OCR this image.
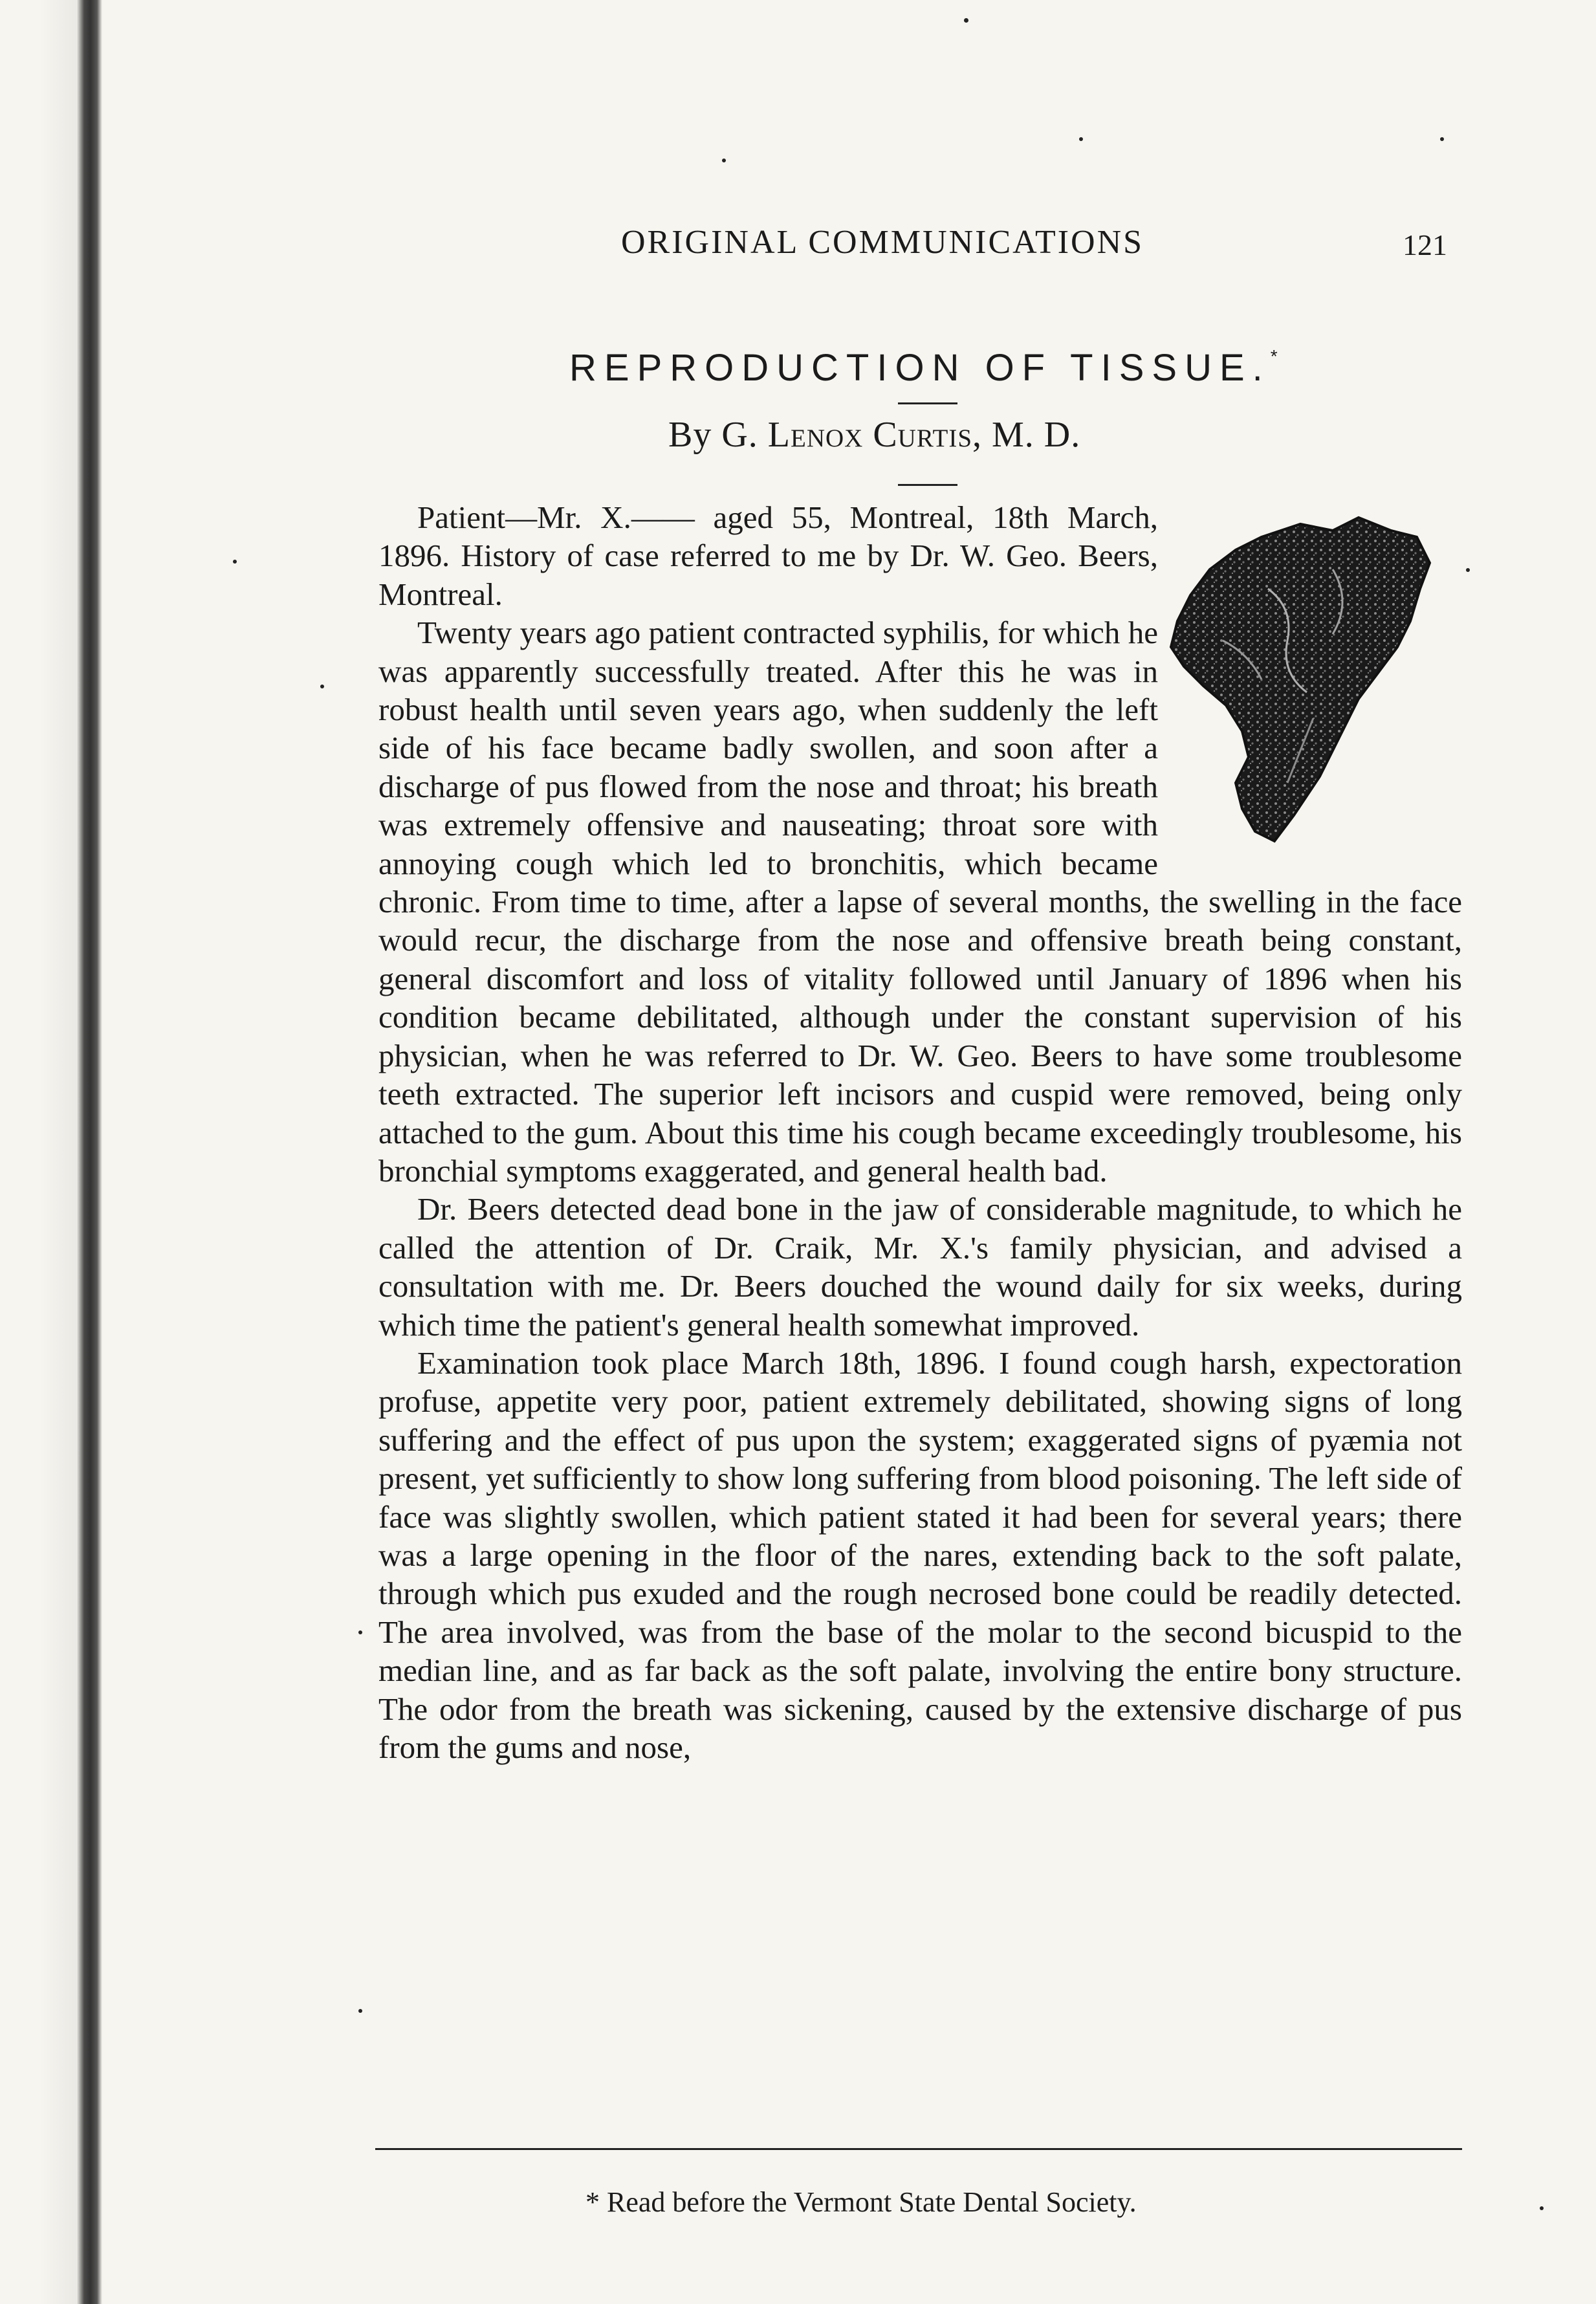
ORIGINAL COMMUNICATIONS	121
REPRODUCTION OF TISSUE.*
By G. Lenox Curtis, M. D.

Patient—Mr. X.—— aged 55, Montreal, 18th March, 1896. History of case referred to me by Dr. W. Geo. Beers, Montreal.

Twenty years ago patient contracted syphilis, for which he was apparently successfully treated. After this he was in robust health until seven years ago, when suddenly the left side of his face became badly swollen, and soon after a discharge of pus flowed from the nose and throat; his breath was extremely offensive and nauseating; throat sore with annoying cough which led to bronchitis, which became chronic. From time to time, after a lapse of several months, the swelling in the face would recur, the discharge from the nose and offensive breath being constant, general discomfort and loss of vitality followed until January of 1896 when his condition became debilitated, although under the constant supervision of his physician, when he was referred to Dr. W. Geo. Beers to have some troublesome teeth extracted. The superior left incisors and cuspid were removed, being only attached to the gum. About this time his cough became exceedingly troublesome, his bronchial symptoms exaggerated, and general health bad.

Dr. Beers detected dead bone in the jaw of considerable magnitude, to which he called the attention of Dr. Craik, Mr. X.'s family physician, and advised a consultation with me. Dr. Beers douched the wound daily for six weeks, during which time the patient's general health somewhat improved.

Examination took place March 18th, 1896. I found cough harsh, expectoration profuse, appetite very poor, patient extremely debilitated, showing signs of long suffering and the effect of pus upon the system; exaggerated signs of pyæmia not present, yet sufficiently to show long suffering from blood poisoning. The left side of face was slightly swollen, which patient stated it had been for several years; there was a large opening in the floor of the nares, extending back to the soft palate, through which pus exuded and the rough necrosed bone could be readily detected. The area involved, was from the base of the molar to the second bicuspid to the median line, and as far back as the soft palate, involving the entire bony structure. The odor from the breath was sickening, caused by the extensive discharge of pus from the gums and nose,

* Read before the Vermont State Dental Society.
